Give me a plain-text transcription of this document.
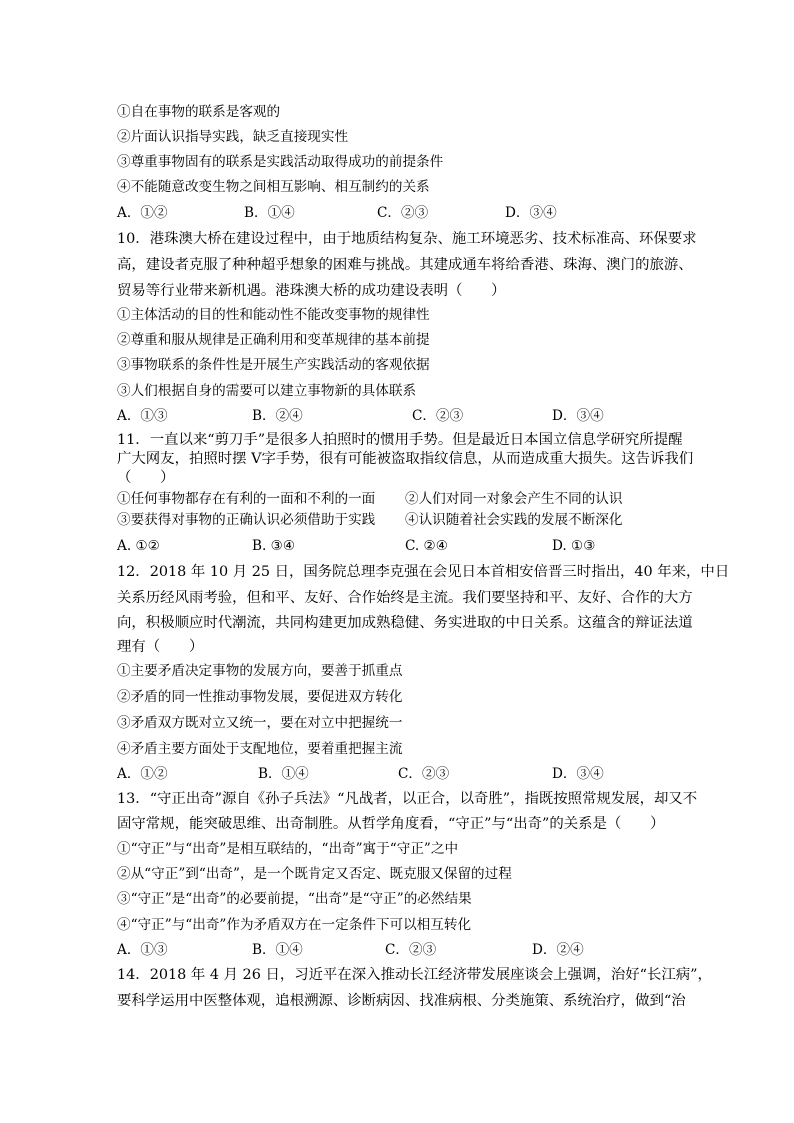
①自在事物的联系是客观的
②片面认识指导实践，缺乏直接现实性
③尊重事物固有的联系是实践活动取得成功的前提条件
④不能随意改变生物之间相互影响、相互制约的关系
A．①②	B．①④	C．②③	D．③④
10．港珠澳大桥在建设过程中，由于地质结构复杂、施工环境恶劣、技术标准高、环保要求
高，建设者克服了种种超乎想象的困难与挑战。其建成通车将给香港、珠海、澳门的旅游、
贸易等行业带来新机遇。港珠澳大桥的成功建设表明（　　）
①主体活动的目的性和能动性不能改变事物的规律性
②尊重和服从规律是正确利用和变革规律的基本前提
③事物联系的条件性是开展生产实践活动的客观依据
③人们根据自身的需要可以建立事物新的具体联系
A．①③	B．②④	C．②③	D．③④
11．一直以来“剪刀手”是很多人拍照时的惯用手势。但是最近日本国立信息学研究所提醒
广大网友，拍照时摆 V字手势，很有可能被盗取指纹信息，从而造成重大损失。这告诉我们
（　　）
①任何事物都存在有利的一面和不利的一面 ②人们对同一对象会产生不同的认识
③要获得对事物的正确认识必须借助于实践 ④认识随着社会实践的发展不断深化
A. ①②	B. ③④	C. ②④	D. ①③
12．2018 年 10 月 25 日，国务院总理李克强在会见日本首相安倍晋三时指出，40 年来，中日
关系历经风雨考验，但和平、友好、合作始终是主流。我们要坚持和平、友好、合作的大方
向，积极顺应时代潮流，共同构建更加成熟稳健、务实进取的中日关系。这蕴含的辩证法道
理有（　　）
①主要矛盾决定事物的发展方向，要善于抓重点
②矛盾的同一性推动事物发展，要促进双方转化
③矛盾双方既对立又统一，要在对立中把握统一
④矛盾主要方面处于支配地位，要着重把握主流
A．①②	B．①④	C．②③	D．③④
13．“守正出奇”源自《孙子兵法》“凡战者，以正合，以奇胜”，指既按照常规发展，却又不
固守常规，能突破思维、出奇制胜。从哲学角度看，“守正”与“出奇”的关系是（　　）
①“守正”与“出奇”是相互联结的，“出奇”寓于“守正”之中
②从“守正”到“出奇”，是一个既肯定又否定、既克服又保留的过程
③“守正”是“出奇”的必要前提，“出奇”是“守正”的必然结果
④“守正”与“出奇”作为矛盾双方在一定条件下可以相互转化
A．①③	B．①④	C．②③	D．②④
14．2018 年 4 月 26 日，习近平在深入推动长江经济带发展座谈会上强调，治好“长江病”，
要科学运用中医整体观，追根溯源、诊断病因、找准病根、分类施策、系统治疗，做到“治
